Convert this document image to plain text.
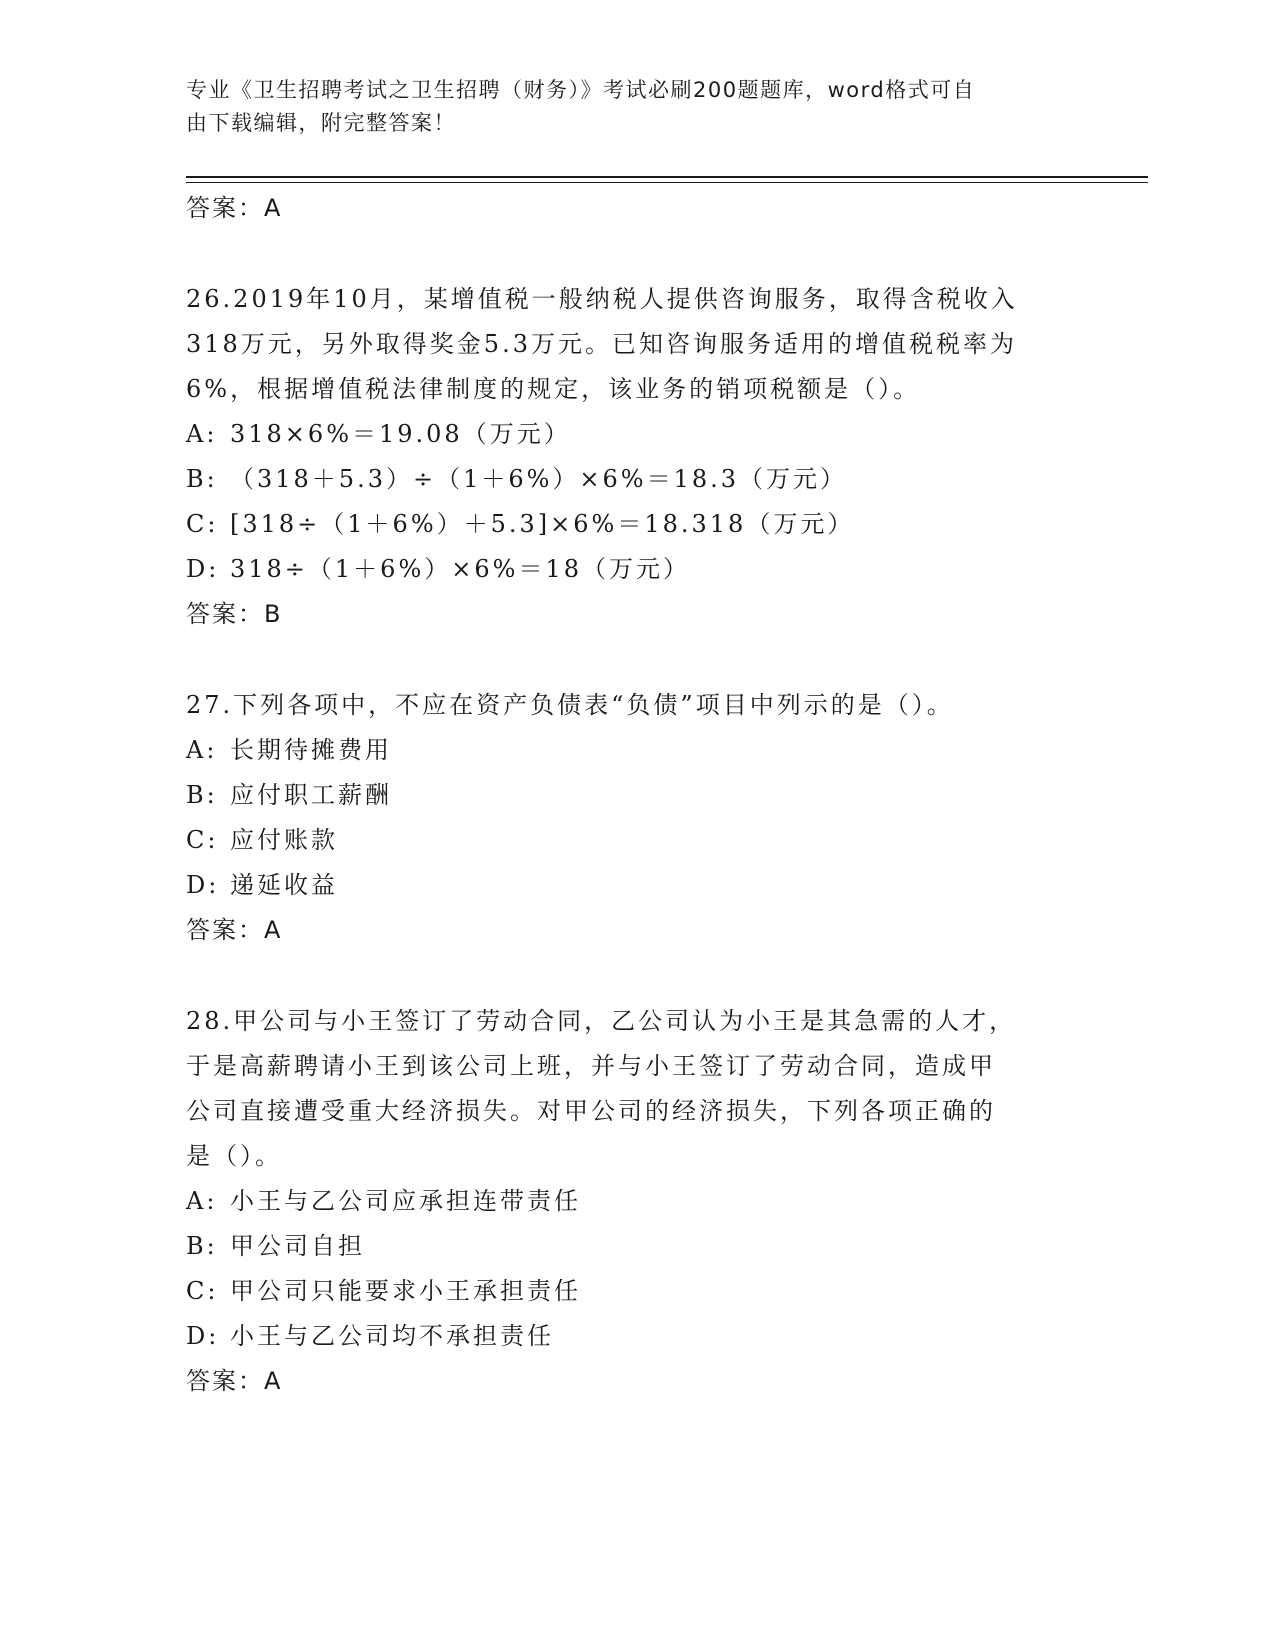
专业《卫生招聘考试之卫生招聘（财务）》考试必刷200题题库，word格式可自
由下载编辑，附完整答案！

答案：A

26.2019年10月，某增值税一般纳税人提供咨询服务，取得含税收入

318万元，另外取得奖金5.3万元。已知咨询服务适用的增值税税率为

6%，根据增值税法律制度的规定，该业务的销项税额是（）。

A: 318×6%＝19.08（万元）

B: （318＋5.3）÷（1＋6%）×6%＝18.3（万元）

C: [318÷（1＋6%）＋5.3]×6%＝18.318（万元）

D: 318÷（1＋6%）×6%＝18（万元）

答案：B

27.下列各项中，不应在资产负债表“负债”项目中列示的是（）。

A: 长期待摊费用

B: 应付职工薪酬

C: 应付账款

D: 递延收益

答案：A

28.甲公司与小王签订了劳动合同，乙公司认为小王是其急需的人才，

于是高薪聘请小王到该公司上班，并与小王签订了劳动合同，造成甲

公司直接遭受重大经济损失。对甲公司的经济损失，下列各项正确的

是（）。

A: 小王与乙公司应承担连带责任

B: 甲公司自担

C: 甲公司只能要求小王承担责任

D: 小王与乙公司均不承担责任

答案：A
